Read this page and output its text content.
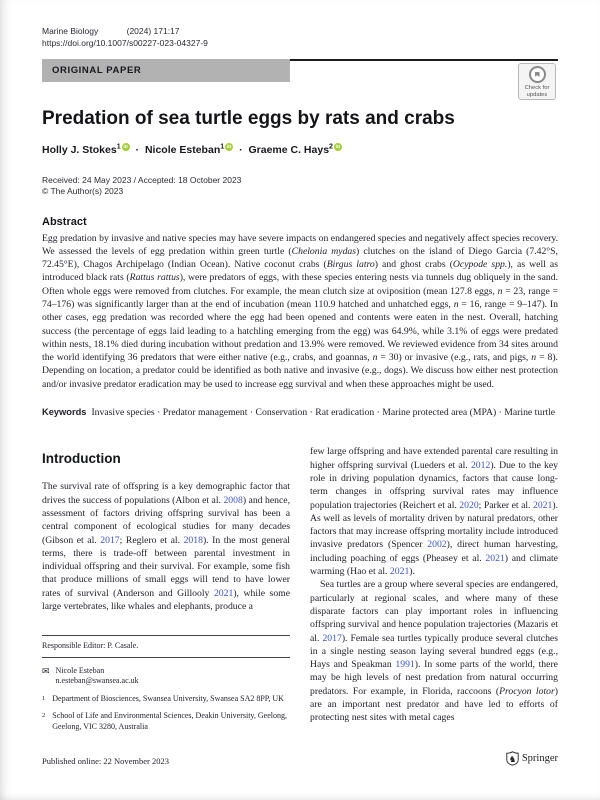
Marine Biology	(2024) 171:17
https://doi.org/10.1007/s00227-023-04327-9
ORIGINAL PAPER
Check for updates
Predation of sea turtle eggs by rats and crabs
Holly J. Stokes$^1$ iD · Nicole Esteban$^1$ iD · Graeme C. Hays$^2$ iD
Received: 24 May 2023 / Accepted: 18 October 2023
© The Author(s) 2023
Abstract

Egg predation by invasive and native species may have severe impacts on endangered species and negatively affect species recovery. We assessed the levels of egg predation within green turtle (Chelonia mydas) clutches on the island of Diego Garcia (7.42°S, 72.45°E), Chagos Archipelago (Indian Ocean). Native coconut crabs (Birgus latro) and ghost crabs (Ocypode spp.), as well as introduced black rats (Rattus rattus), were predators of eggs, with these species entering nests via tunnels dug obliquely in the sand. Often whole eggs were removed from clutches. For example, the mean clutch size at oviposition (mean 127.8 eggs, n = 23, range = 74–176) was significantly larger than at the end of incubation (mean 110.9 hatched and unhatched eggs, n = 16, range = 9–147). In other cases, egg predation was recorded where the egg had been opened and contents were eaten in the nest. Overall, hatching success (the percentage of eggs laid leading to a hatchling emerging from the egg) was 64.9%, while 3.1% of eggs were predated within nests, 18.1% died during incubation without predation and 13.9% were removed. We reviewed evidence from 34 sites around the world identifying 36 predators that were either native (e.g., crabs, and goannas, n = 30) or invasive (e.g., rats, and pigs, n = 8). Depending on location, a predator could be identified as both native and invasive (e.g., dogs). We discuss how either nest protection and/or invasive predator eradication may be used to increase egg survival and when these approaches might be used.

Keywords Invasive species · Predator management · Conservation · Rat eradication · Marine protected area (MPA) · Marine turtle
Introduction

The survival rate of offspring is a key demographic factor that drives the success of populations (Albon et al. 2008) and hence, assessment of factors driving offspring survival has been a central component of ecological studies for many decades (Gibson et al. 2017; Reglero et al. 2018). In the most general terms, there is trade-off between parental investment in individual offspring and their survival. For example, some fish that produce millions of small eggs will tend to have lower rates of survival (Anderson and Gillooly 2021), while some large vertebrates, like whales and elephants, produce a

Responsible Editor: P. Casale.
✉ Nicole Esteban
n.esteban@swansea.ac.uk
1 Department of Biosciences, Swansea University, Swansea SA2 8PP, UK
2 School of Life and Environmental Sciences, Deakin University, Geelong, Geelong, VIC 3280, Australia

few large offspring and have extended parental care resulting in higher offspring survival (Lueders et al. 2012). Due to the key role in driving population dynamics, factors that cause long-term changes in offspring survival rates may influence population trajectories (Reichert et al. 2020; Parker et al. 2021). As well as levels of mortality driven by natural predators, other factors that may increase offspring mortality include introduced invasive predators (Spencer 2002), direct human harvesting, including poaching of eggs (Pheasey et al. 2021) and climate warming (Hao et al. 2021).

Sea turtles are a group where several species are endangered, particularly at regional scales, and where many of these disparate factors can play important roles in influencing offspring survival and hence population trajectories (Mazaris et al. 2017). Female sea turtles typically produce several clutches in a single nesting season laying several hundred eggs (e.g., Hays and Speakman 1991). In some parts of the world, there may be high levels of nest predation from natural occurring predators. For example, in Florida, raccoons (Procyon lotor) are an important nest predator and have led to efforts of protecting nest sites with metal cages

Published online: 22 November 2023	♞ Springer
